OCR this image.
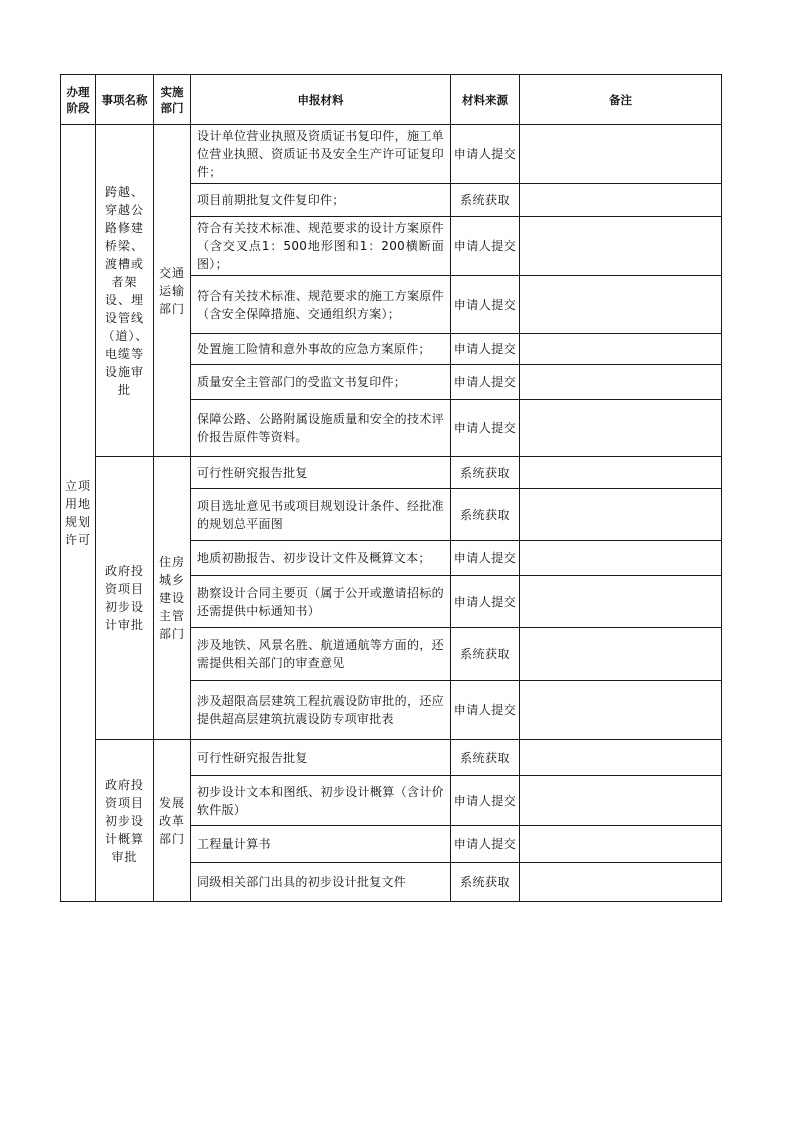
办理阶段	事项名称	实施部门	申报材料	材料来源	备注
立项用地规划许可	跨越、穿越公路修建桥梁、渡槽或者架设、埋设管线（道）、电缆等设施审批	交通运输部门	设计单位营业执照及资质证书复印件，施工单位营业执照、资质证书及安全生产许可证复印件；	申请人提交	
			项目前期批复文件复印件；	系统获取	
			符合有关技术标准、规范要求的设计方案原件（含交叉点1：500地形图和1：200横断面图）；	申请人提交	
			符合有关技术标准、规范要求的施工方案原件（含安全保障措施、交通组织方案）；	申请人提交	
			处置施工险情和意外事故的应急方案原件；	申请人提交	
			质量安全主管部门的受监文书复印件；	申请人提交	
			保障公路、公路附属设施质量和安全的技术评价报告原件等资料。	申请人提交	
	政府投资项目初步设计审批	住房城乡建设主管部门	可行性研究报告批复	系统获取	
			项目选址意见书或项目规划设计条件、经批准的规划总平面图	系统获取	
			地质初勘报告、初步设计文件及概算文本；	申请人提交	
			勘察设计合同主要页（属于公开或邀请招标的还需提供中标通知书）	申请人提交	
			涉及地铁、风景名胜、航道通航等方面的，还需提供相关部门的审查意见	系统获取	
			涉及超限高层建筑工程抗震设防审批的，还应提供超高层建筑抗震设防专项审批表	申请人提交	
	政府投资项目初步设计概算审批	发展改革部门	可行性研究报告批复	系统获取	
			初步设计文本和图纸、初步设计概算（含计价软件版）	申请人提交	
			工程量计算书	申请人提交	
			同级相关部门出具的初步设计批复文件	系统获取	
